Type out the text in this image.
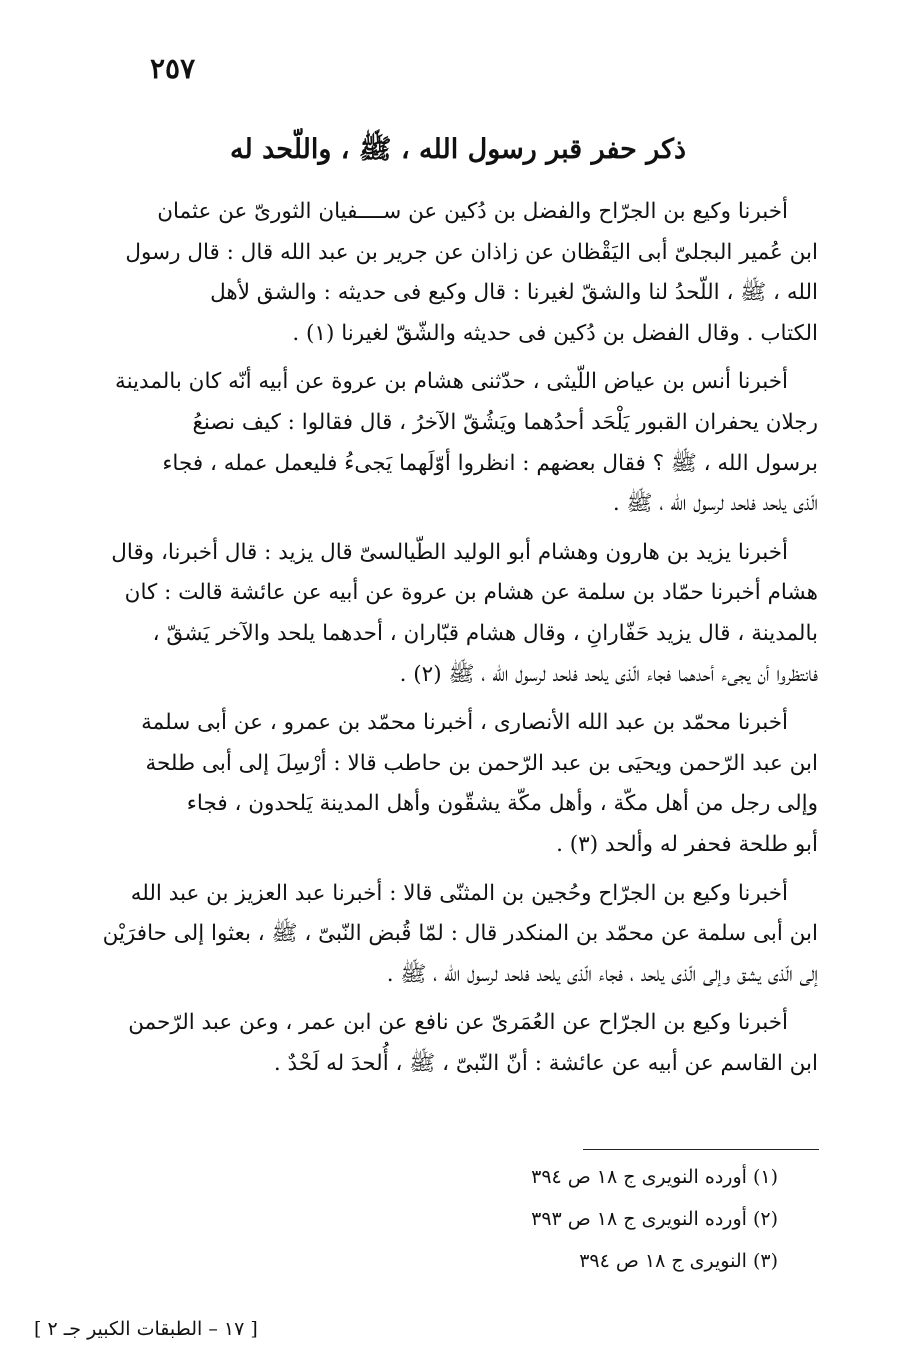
٢٥٧
ذكر حفر قبر رسول الله ، ﷺ ، واللّحد له
أخبرنا وكيع بن الجرّاح والفضل بن دُكين عن ســــفيان الثورىّ عن عثمان
ابن عُمير البجلىّ أبى اليَقْظان عن زاذان عن جرير بن عبد الله قال : قال رسول
الله ، ﷺ ، اللّحدُ لنا والشقّ لغيرنا : قال وكيع فى حديثه : والشق لأهل
الكتاب . وقال الفضل بن دُكين فى حديثه والشّقّ لغيرنا (١) .
أخبرنا أنس بن عياض اللّيثى ، حدّثنى هشام بن عروة عن أبيه أنّه كان بالمدينة
رجلان يحفران القبور يَلْحَد أحدُهما ويَشُقّ الآخرُ ، قال فقالوا : كيف نصنعُ
برسول الله ، ﷺ ؟ فقال بعضهم : انظروا أوّلَهما يَجىءُ فليعمل عمله ، فجاء
الّذى يلحد فلحد لرسول الله ، ﷺ .
أخبرنا يزيد بن هارون وهشام أبو الوليد الطّيالسىّ قال يزيد : قال أخبرنا، وقال
هشام أخبرنا حمّاد بن سلمة عن هشام بن عروة عن أبيه عن عائشة قالت : كان
بالمدينة ، قال يزيد حَفّارانِ ، وقال هشام قبّاران ، أحدهما يلحد والآخر يَشقّ ،
فانتظروا أن يجىء أحدهما فجاء الّذى يلحد فلحد لرسول الله ، ﷺ (٢) .
أخبرنا محمّد بن عبد الله الأنصارى ، أخبرنا محمّد بن عمرو ، عن أبى سلمة
ابن عبد الرّحمن ويحيَى بن عبد الرّحمن بن حاطب قالا : أرْسِلَ إلى أبى طلحة
وإلى رجل من أهل مكّة ، وأهل مكّة يشقّون وأهل المدينة يَلحدون ، فجاء
أبو طلحة فحفر له وألحد (٣) .
أخبرنا وكيع بن الجرّاح وحُجين بن المثنّى قالا : أخبرنا عبد العزيز بن عبد الله
ابن أبى سلمة عن محمّد بن المنكدر قال : لمّا قُبض النّبىّ ، ﷺ ، بعثوا إلى حافرَيْن
إلى الّذى يشق وإلى الّذى يلحد ، فجاء الّذى يلحد فلحد لرسول الله ، ﷺ .
أخبرنا وكيع بن الجرّاح عن العُمَرىّ عن نافع عن ابن عمر ، وعن عبد الرّحمن
ابن القاسم عن أبيه عن عائشة : أنّ النّبىّ ، ﷺ ، أُلحدَ له لَحْدٌ .
(١) أورده النويرى ج ١٨ ص ٣٩٤
(٢) أورده النويرى ج ١٨ ص ٣٩٣
(٣) النويرى ج ١٨ ص ٣٩٤
[ ١٧ – الطبقات الكبير جـ ٢ ]
